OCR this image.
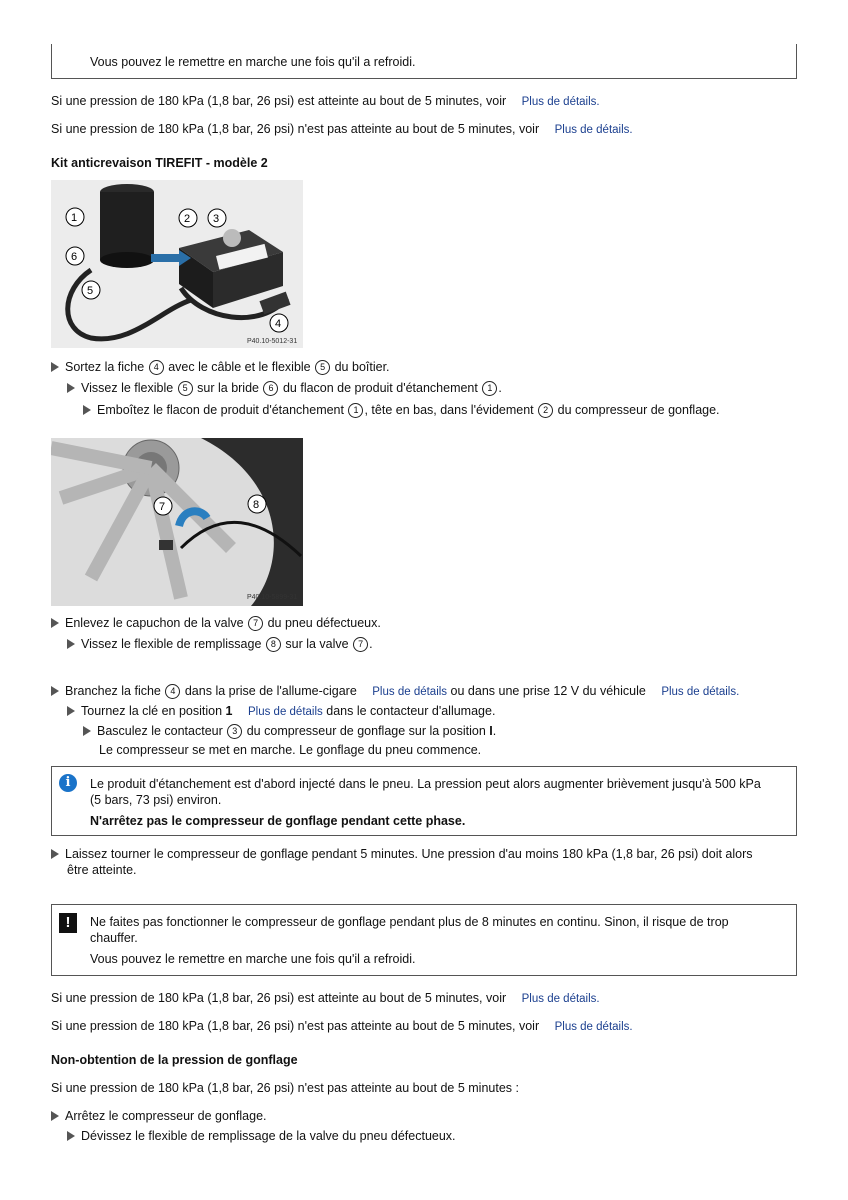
Vous pouvez le remettre en marche une fois qu'il a refroidi.
Si une pression de 180 kPa (1,8 bar, 26 psi) est atteinte au bout de 5 minutes, voir Plus de détails.
Si une pression de 180 kPa (1,8 bar, 26 psi) n'est pas atteinte au bout de 5 minutes, voir Plus de détails.
Kit anticrevaison TIREFIT - modèle 2
1	2 3
4
5
6
P40.10-5012-31
Sortez la fiche 4 avec le câble et le flexible 5 du boîtier.
Vissez le flexible 5 sur la bride 6 du flacon de produit d'étanchement 1 .
Emboîtez le flacon de produit d'étanchement 1 , tête en bas, dans l'évidement 2 du compresseur de gonflage.
7	8
P40.10-5899-31
Enlevez le capuchon de la valve 7 du pneu défectueux.
Vissez le flexible de remplissage 8 sur la valve 7 .
Branchez la fiche 4 dans la prise de l'allume-cigare Plus de détails ou dans une prise 12 V du véhicule Plus de détails.
Tournez la clé en position 1 Plus de détails dans le contacteur d'allumage.
Basculez le contacteur 3 du compresseur de gonflage sur la position I.
Le compresseur se met en marche. Le gonflage du pneu commence.
i	Le produit d'étanchement est d'abord injecté dans le pneu. La pression peut alors augmenter brièvement jusqu'à 500 kPa
(5 bars, 73 psi) environ.
N'arrêtez pas le compresseur de gonflage pendant cette phase.
Laissez tourner le compresseur de gonflage pendant 5 minutes. Une pression d'au moins 180 kPa (1,8 bar, 26 psi) doit alors
être atteinte.
!	Ne faites pas fonctionner le compresseur de gonflage pendant plus de 8 minutes en continu. Sinon, il risque de trop
chauffer.
Vous pouvez le remettre en marche une fois qu'il a refroidi.
Si une pression de 180 kPa (1,8 bar, 26 psi) est atteinte au bout de 5 minutes, voir Plus de détails.
Si une pression de 180 kPa (1,8 bar, 26 psi) n'est pas atteinte au bout de 5 minutes, voir Plus de détails.
Non-obtention de la pression de gonflage
Si une pression de 180 kPa (1,8 bar, 26 psi) n'est pas atteinte au bout de 5 minutes :
Arrêtez le compresseur de gonflage.
Dévissez le flexible de remplissage de la valve du pneu défectueux.
